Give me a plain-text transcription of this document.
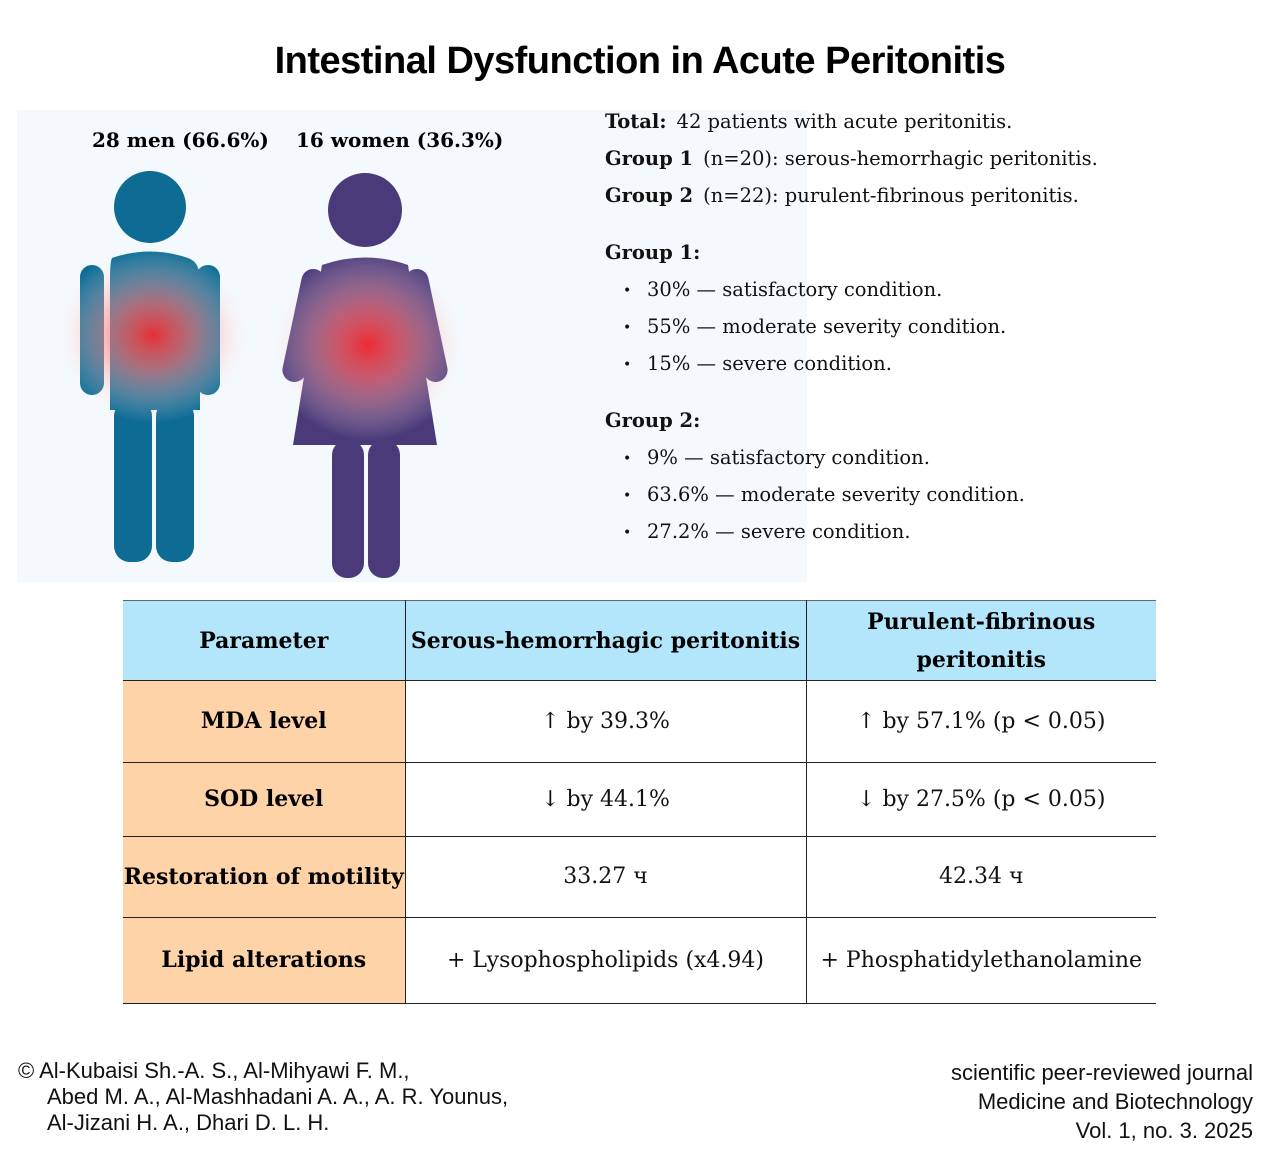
Intestinal Dysfunction in Acute Peritonitis
28 men (66.6%) 16 women (36.3%)
Total: 42 patients with acute peritonitis.
Group 1 (n=20): serous-hemorrhagic peritonitis.
Group 2 (n=22): purulent-fibrinous peritonitis.
Group 1:
• 30% — satisfactory condition.
• 55% — moderate severity condition.
• 15% — severe condition.
Group 2:
• 9% — satisfactory condition.
• 63.6% — moderate severity condition.
• 27.2% — severe condition.
Parameter	Serous-hemorrhagic peritonitis	Purulent-fibrinous peritonitis
MDA level	↑ by 39.3%	↑ by 57.1% (p < 0.05)
SOD level	↓ by 44.1%	↓ by 27.5% (p < 0.05)
Restoration of motility	33.27 ч	42.34 ч
Lipid alterations	+ Lysophospholipids (x4.94)	+ Phosphatidylethanolamine
© Al-Kubaisi Sh.-A. S., Al-Mihyawi F. M.,
Abed M. A., Al-Mashhadani A. A., A. R. Younus,
Al-Jizani H. A., Dhari D. L. H.
scientific peer-reviewed journal
Medicine and Biotechnology
Vol. 1, no. 3. 2025
